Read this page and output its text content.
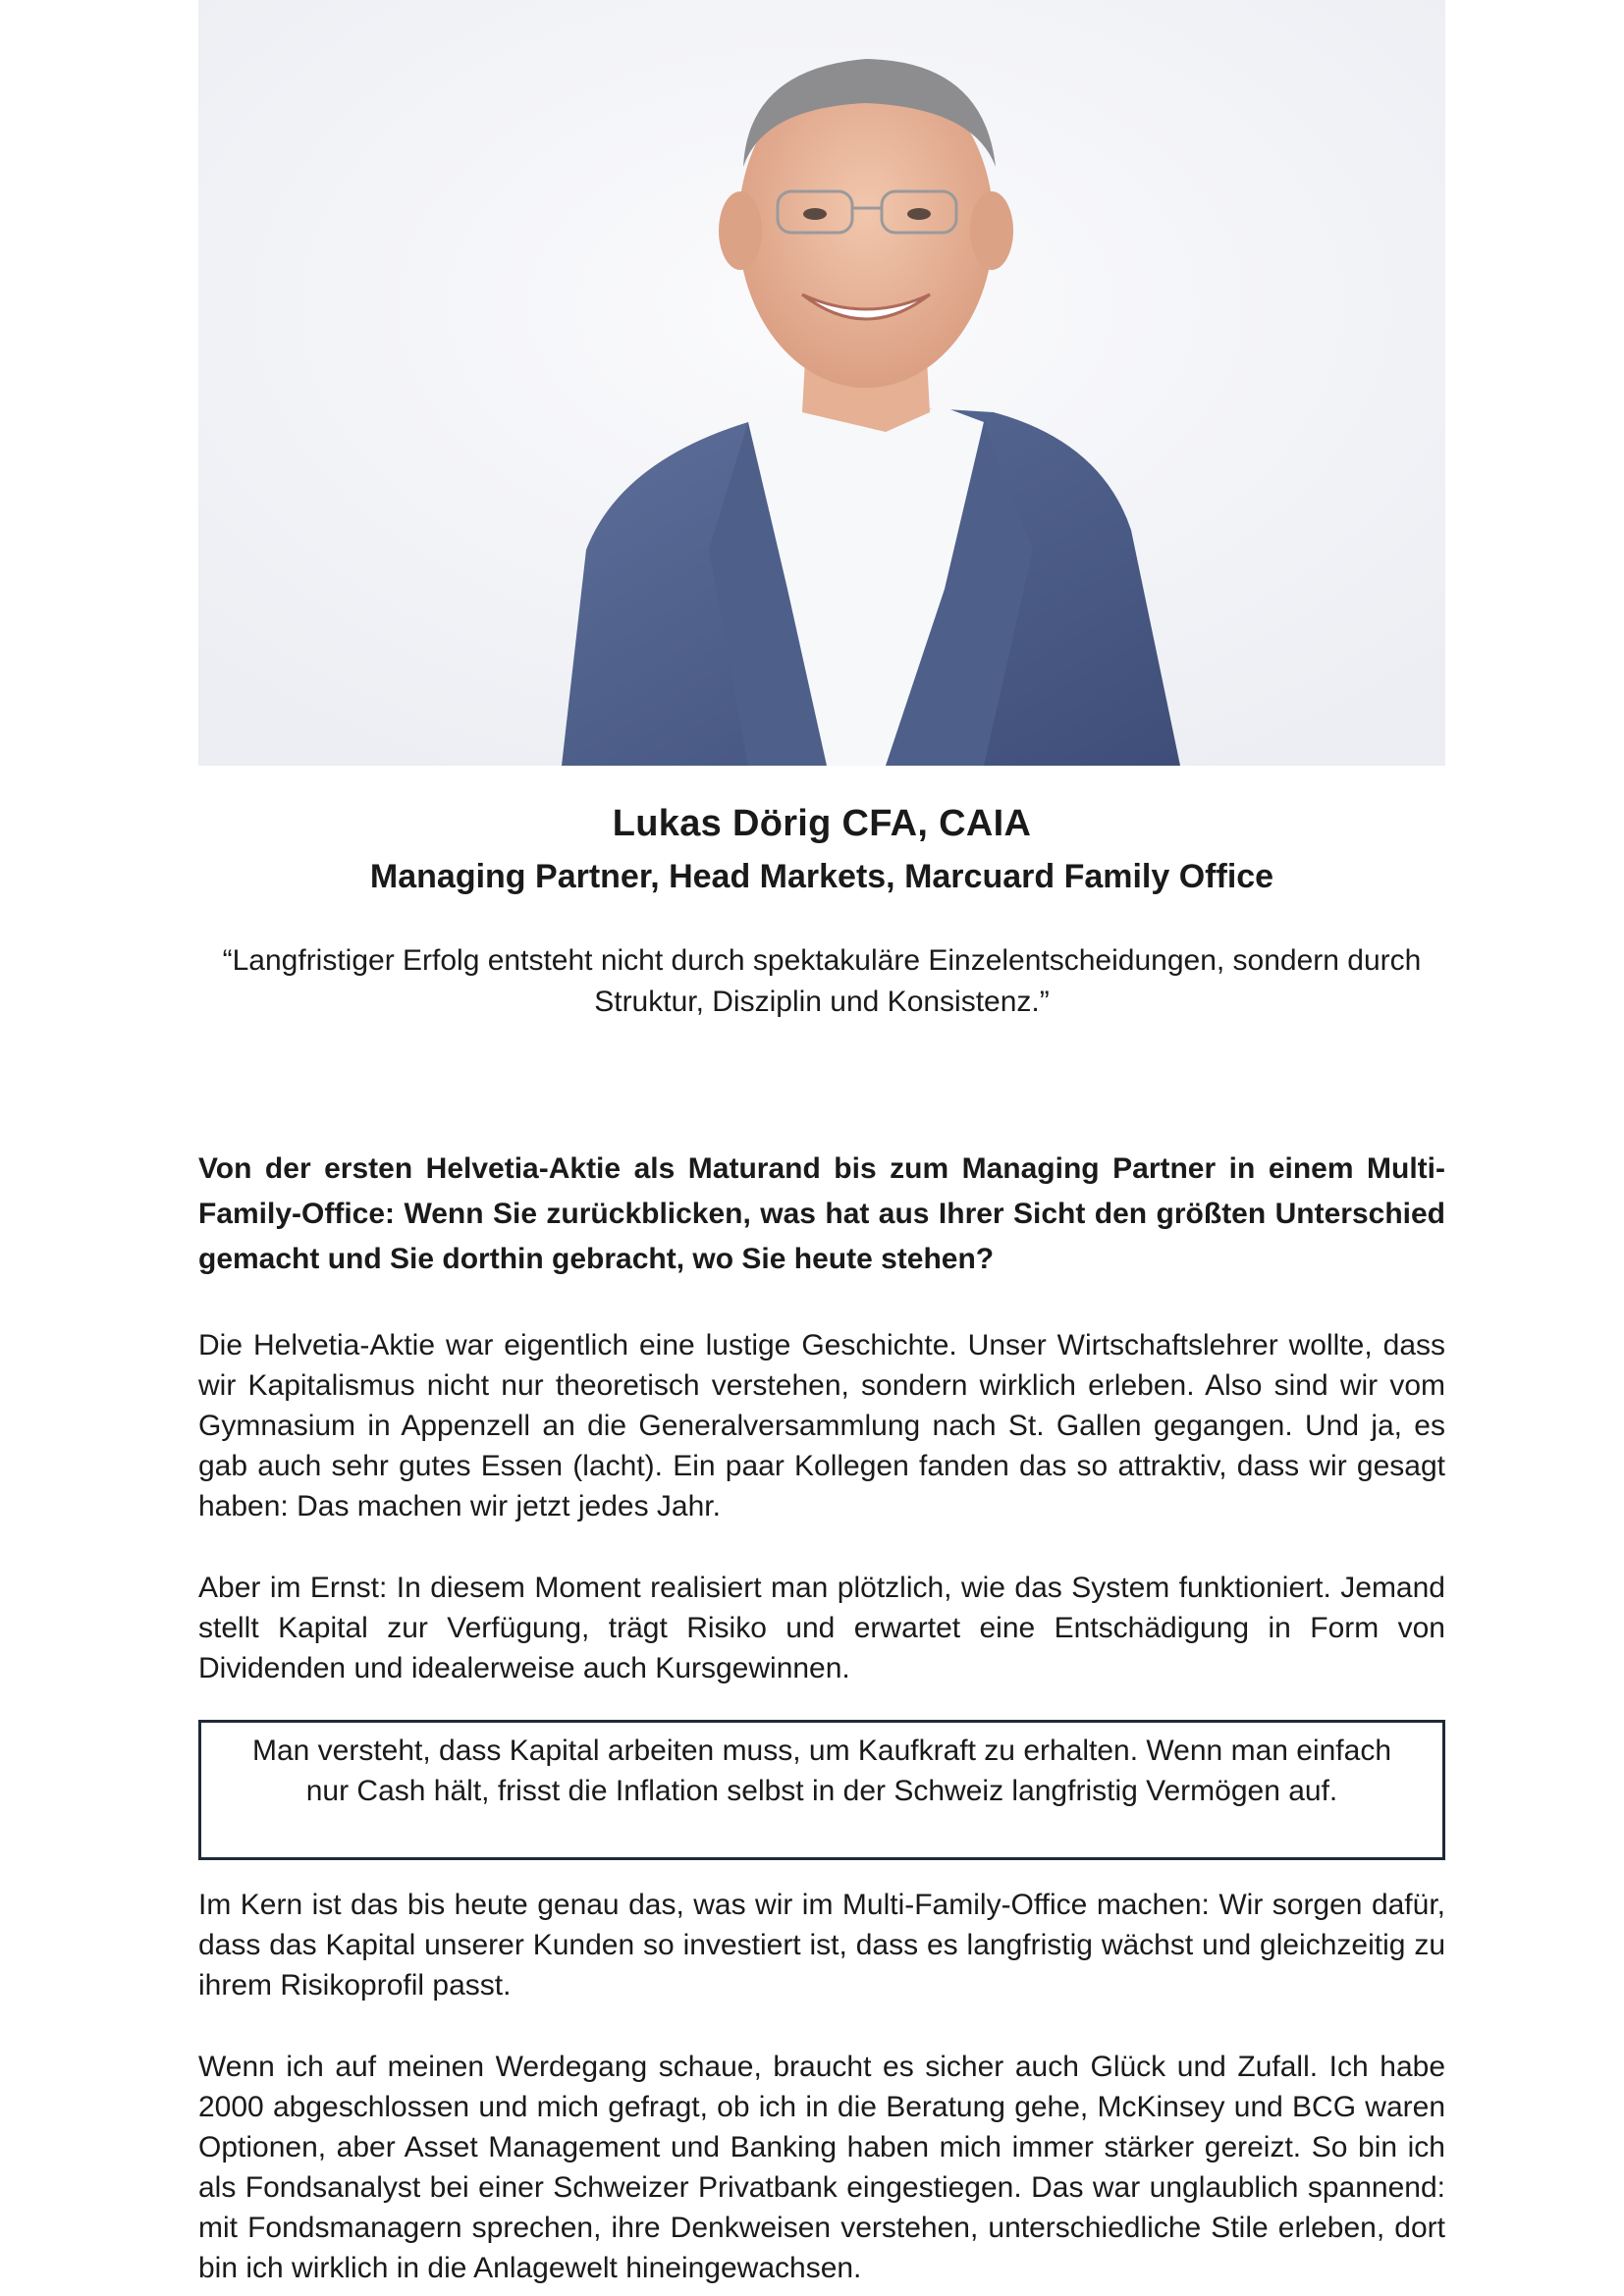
Lukas Dörig CFA, CAIA
Managing Partner, Head Markets, Marcuard Family Office
“Langfristiger Erfolg entsteht nicht durch spektakuläre Einzelentscheidungen, sondern durch Struktur, Disziplin und Konsistenz.”
Von der ersten Helvetia-Aktie als Maturand bis zum Managing Partner in einem Multi-Family-Office: Wenn Sie zurückblicken, was hat aus Ihrer Sicht den größten Unterschied gemacht und Sie dorthin gebracht, wo Sie heute stehen?
Die Helvetia-Aktie war eigentlich eine lustige Geschichte. Unser Wirtschaftslehrer wollte, dass wir Kapitalismus nicht nur theoretisch verstehen, sondern wirklich erleben. Also sind wir vom Gymnasium in Appenzell an die Generalversammlung nach St. Gallen gegangen. Und ja, es gab auch sehr gutes Essen (lacht). Ein paar Kollegen fanden das so attraktiv, dass wir gesagt haben: Das machen wir jetzt jedes Jahr.
Aber im Ernst: In diesem Moment realisiert man plötzlich, wie das System funktioniert. Jemand stellt Kapital zur Verfügung, trägt Risiko und erwartet eine Entschädigung in Form von Dividenden und idealerweise auch Kursgewinnen.
Man versteht, dass Kapital arbeiten muss, um Kaufkraft zu erhalten. Wenn man einfach nur Cash hält, frisst die Inflation selbst in der Schweiz langfristig Vermögen auf.
Im Kern ist das bis heute genau das, was wir im Multi-Family-Office machen: Wir sorgen dafür, dass das Kapital unserer Kunden so investiert ist, dass es langfristig wächst und gleichzeitig zu ihrem Risikoprofil passt.
Wenn ich auf meinen Werdegang schaue, braucht es sicher auch Glück und Zufall. Ich habe 2000 abgeschlossen und mich gefragt, ob ich in die Beratung gehe, McKinsey und BCG waren Optionen, aber Asset Management und Banking haben mich immer stärker gereizt. So bin ich als Fondsanalyst bei einer Schweizer Privatbank eingestiegen. Das war unglaublich spannend: mit Fondsmanagern sprechen, ihre Denkweisen verstehen, unterschiedliche Stile erleben, dort bin ich wirklich in die Anlagewelt hineingewachsen.
